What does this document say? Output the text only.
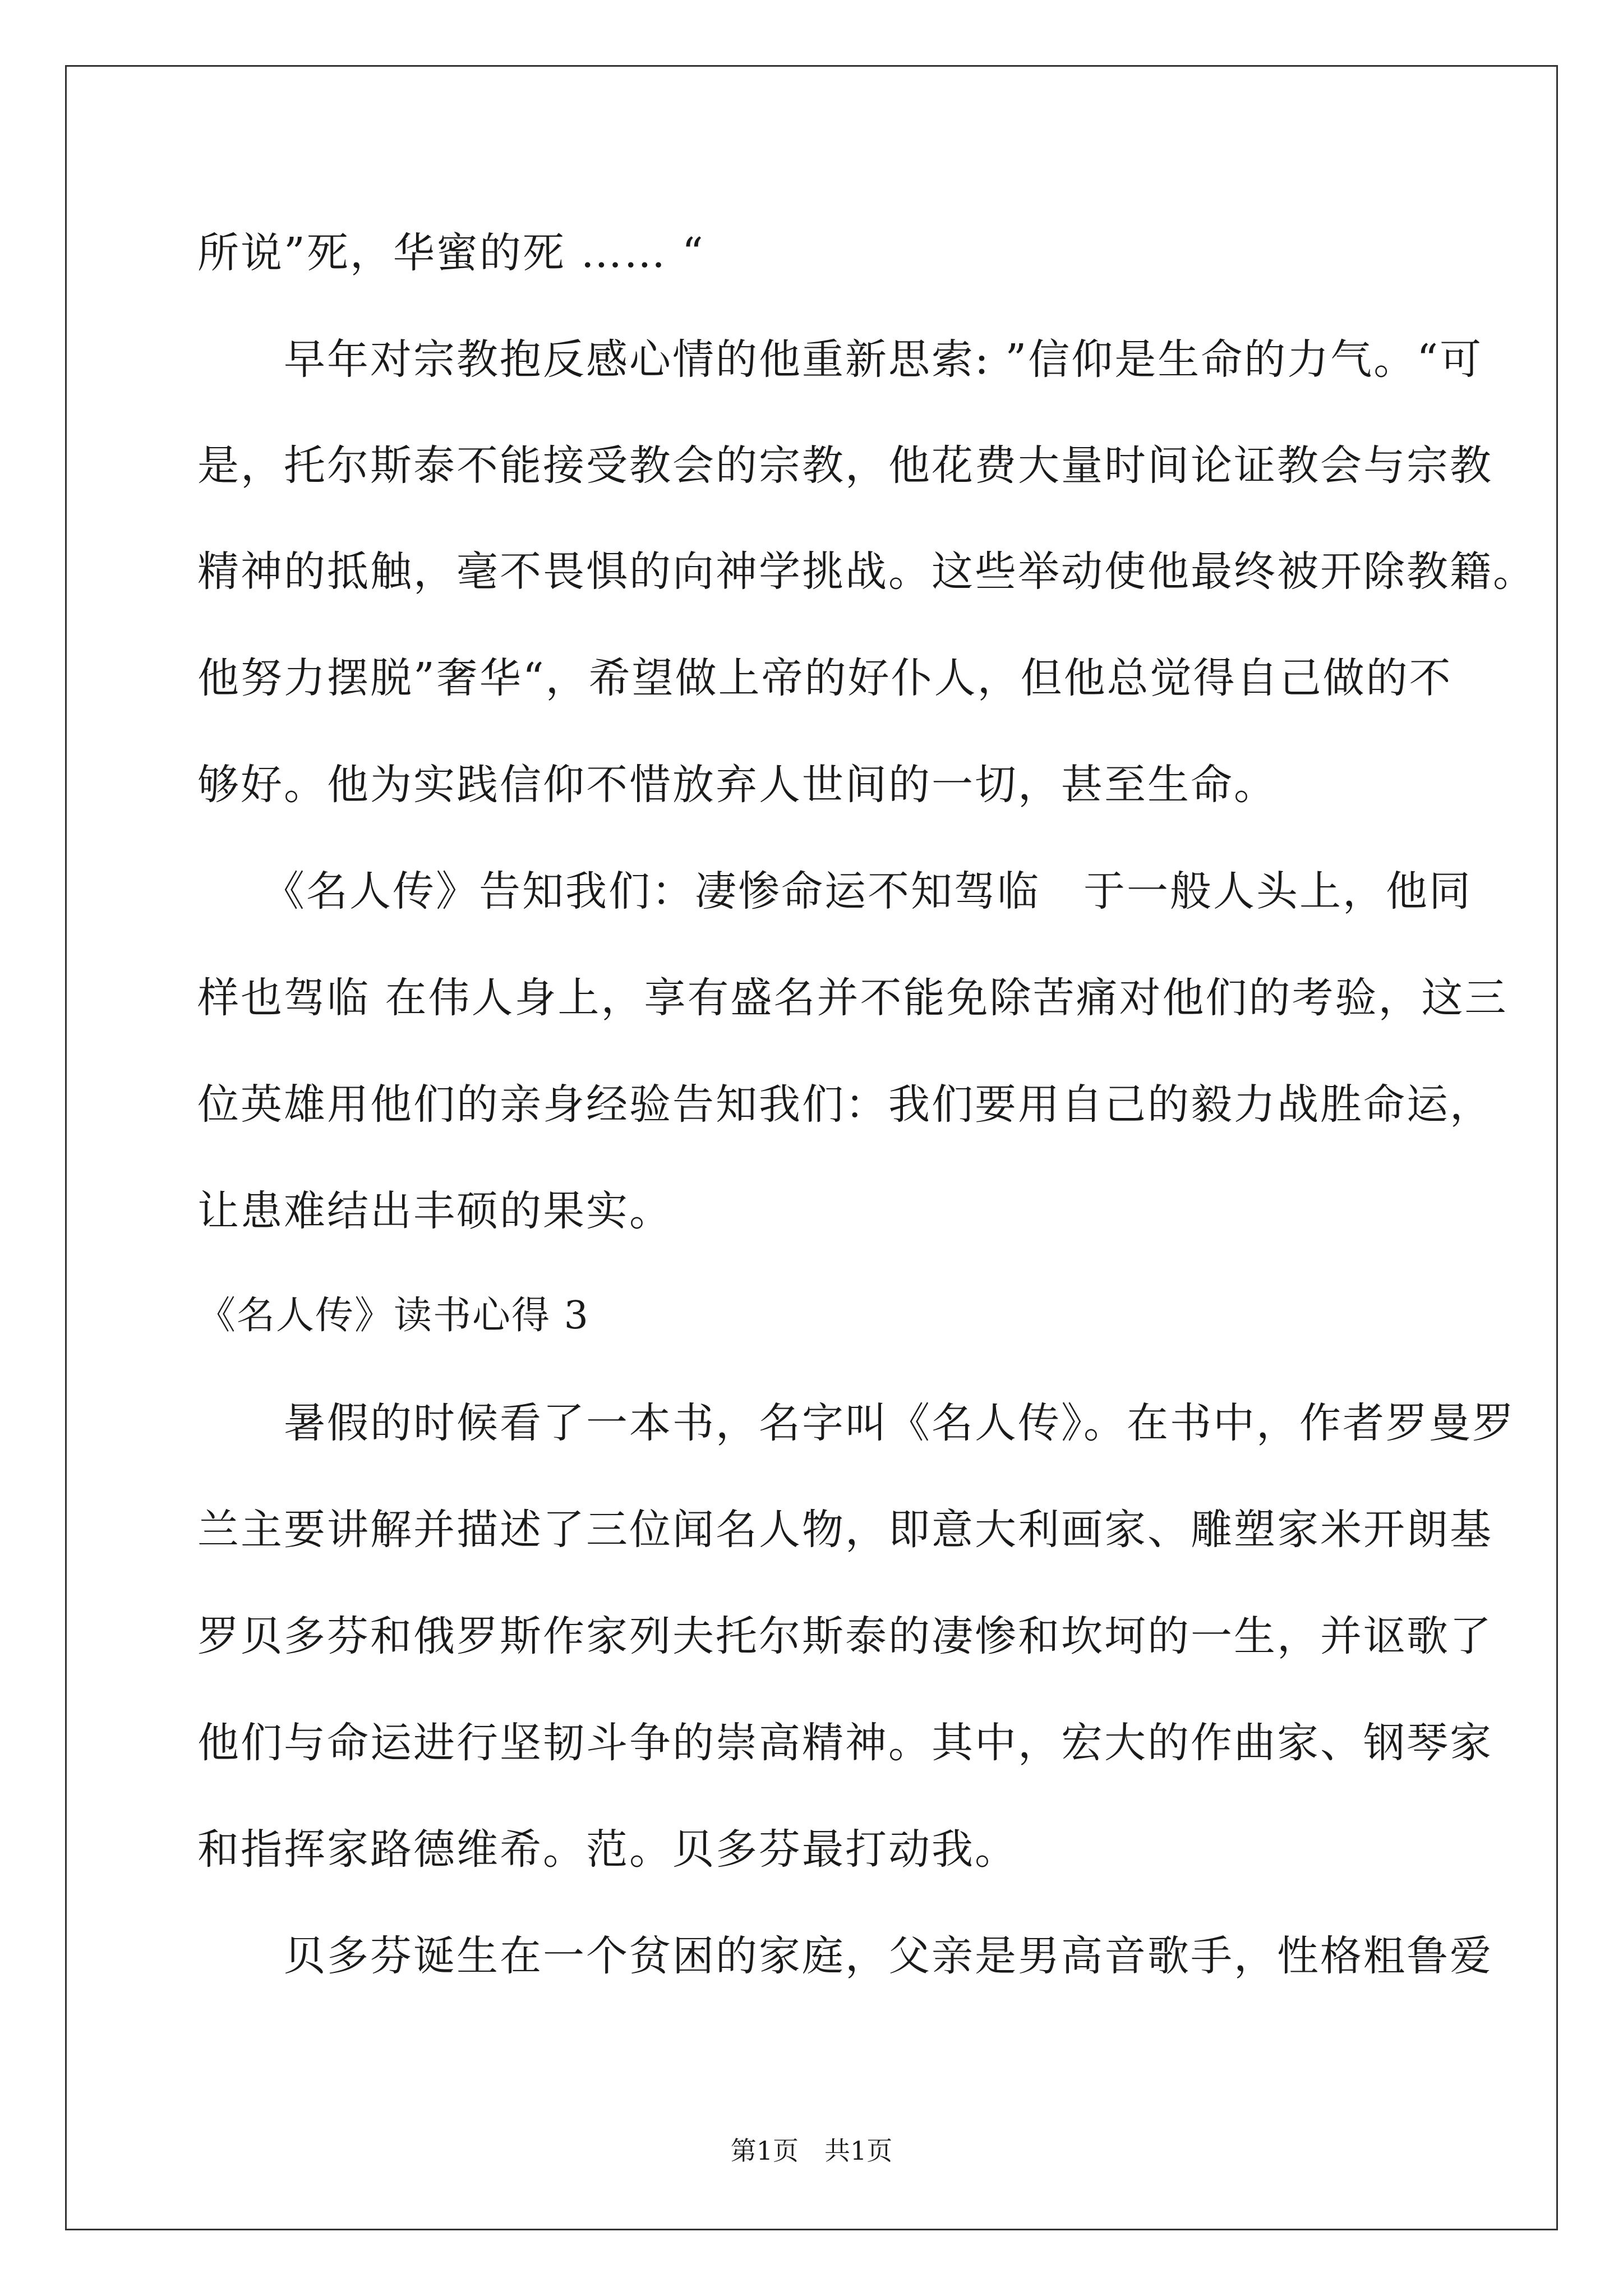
所说”死，华蜜的死 …… “
　　早年对宗教抱反感心情的他重新思索: ”信仰是生命的力气。“可
是，托尔斯泰不能接受教会的宗教，他花费大量时间论证教会与宗教
精神的抵触，毫不畏惧的向神学挑战。这些举动使他最终被开除教籍。
他努力摆脱”奢华“，希望做上帝的好仆人，但他总觉得自己做的不
够好。他为实践信仰不惜放弃人世间的一切，甚至生命。
　　《名人传》告知我们：凄惨命运不知驾临　于一般人头上，他同
样也驾临 在伟人身上，享有盛名并不能免除苦痛对他们的考验，这三
位英雄用他们的亲身经验告知我们：我们要用自己的毅力战胜命运，
让患难结出丰硕的果实。
《名人传》读书心得 3
　　暑假的时候看了一本书，名字叫《名人传》。在书中，作者罗曼罗
兰主要讲解并描述了三位闻名人物，即意大利画家、雕塑家米开朗基
罗贝多芬和俄罗斯作家列夫托尔斯泰的凄惨和坎坷的一生，并讴歌了
他们与命运进行坚韧斗争的崇高精神。其中，宏大的作曲家、钢琴家
和指挥家路德维希。范。贝多芬最打动我。
　　贝多芬诞生在一个贫困的家庭，父亲是男高音歌手，性格粗鲁爱
第1页　共1页
